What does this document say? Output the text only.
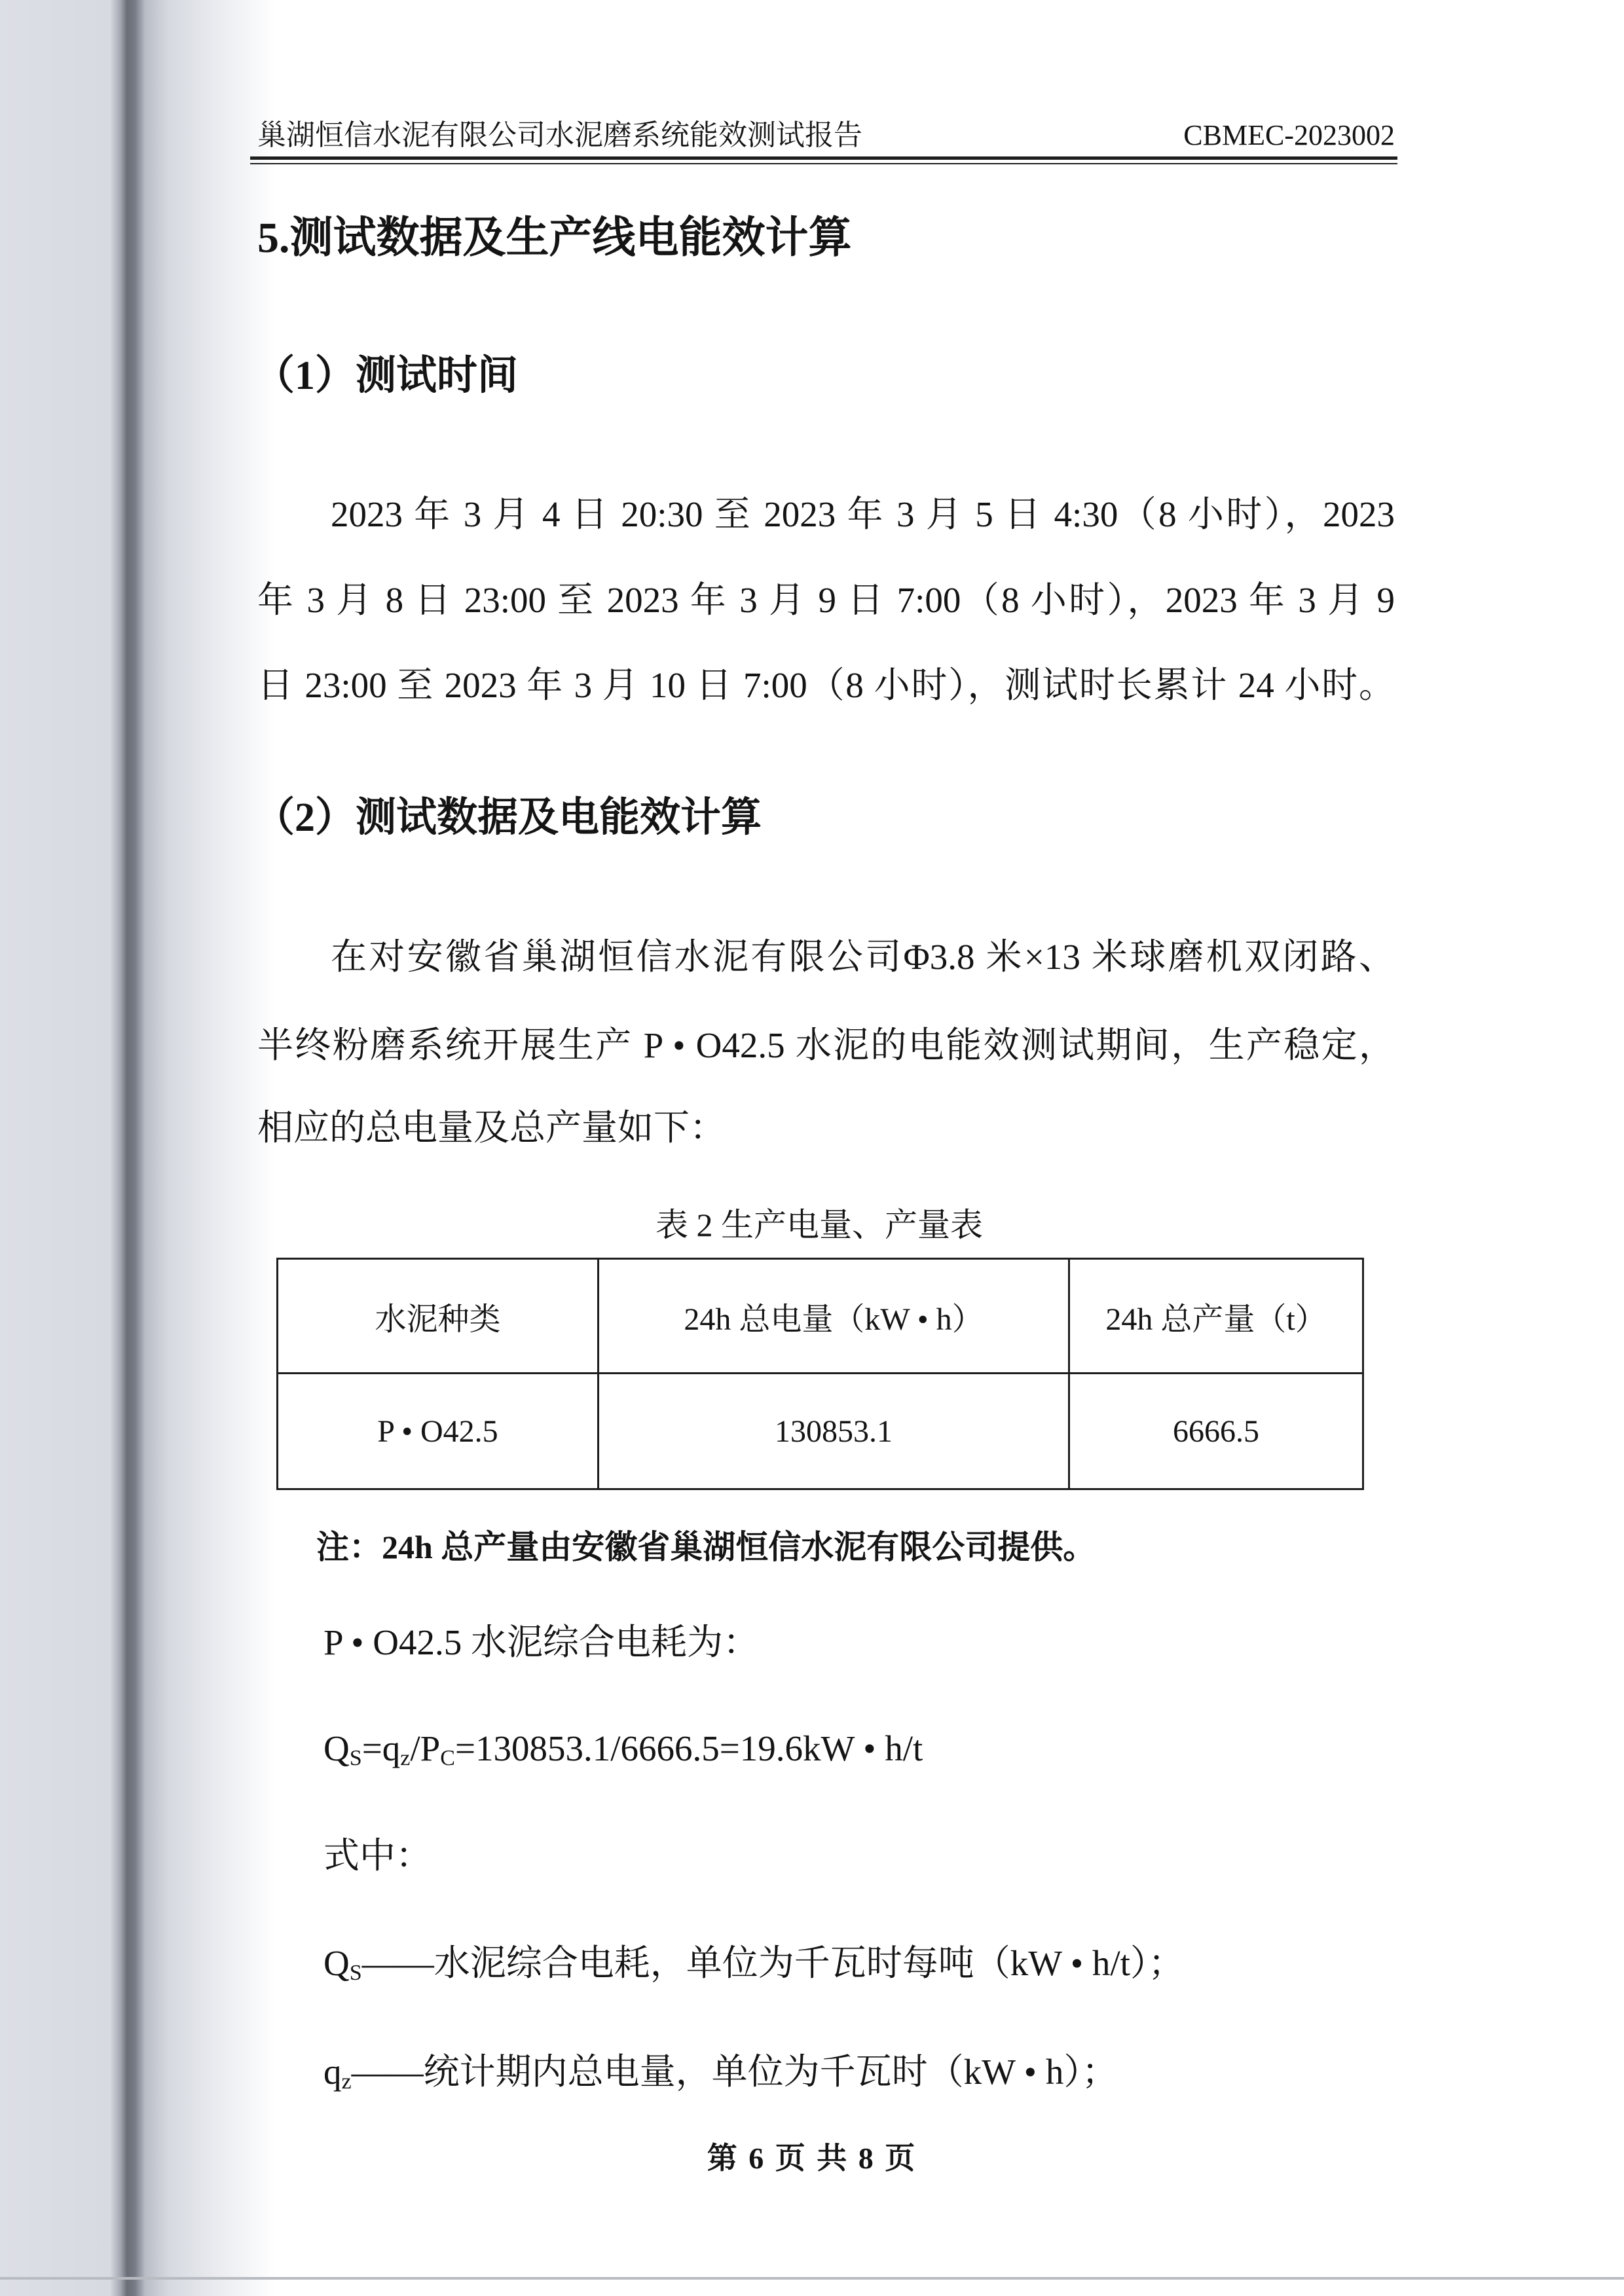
巢湖恒信水泥有限公司水泥磨系统能效测试报告	CBMEC-2023002
5.测试数据及生产线电能效计算
（1）测试时间
2023 年 3 月 4 日 20:30 至 2023 年 3 月 5 日 4:30（8 小时），2023
年 3 月 8 日 23:00 至 2023 年 3 月 9 日 7:00（8 小时），2023 年 3 月 9
日 23:00 至 2023 年 3 月 10 日 7:00（8 小时），测试时长累计 24 小时。
（2）测试数据及电能效计算
在对安徽省巢湖恒信水泥有限公司Φ3.8 米×13 米球磨机双闭路、
半终粉磨系统开展生产 P • O42.5 水泥的电能效测试期间，生产稳定，
相应的总电量及总产量如下：
表 2 生产电量、产量表
水泥种类	24h 总电量（kW • h）	24h 总产量（t）
P • O42.5	130853.1	6666.5
注：24h 总产量由安徽省巢湖恒信水泥有限公司提供。
P • O42.5 水泥综合电耗为：
$Q_S=q_z/P_C=130853.1/6666.5=19.6kW$ • h/t
式中：
$Q_S——$水泥综合电耗，单位为千瓦时每吨（kW • h/t）；
$q_z——$统计期内总电量，单位为千瓦时（kW • h）；
第 6 页 共 8 页
